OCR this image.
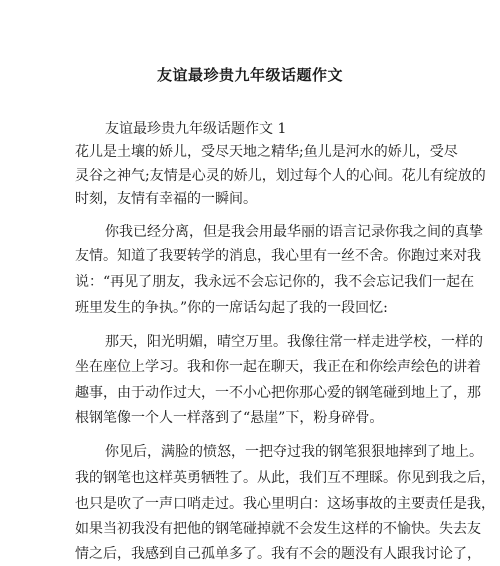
友谊最珍贵九年级话题作文
友谊最珍贵九年级话题作文 1
花儿是土壤的娇儿，受尽天地之精华;鱼儿是河水的娇儿，受尽
灵谷之神气;友情是心灵的娇儿，划过每个人的心间。花儿有绽放的
时刻，友情有幸福的一瞬间。
你我已经分离，但是我会用最华丽的语言记录你我之间的真挚
友情。知道了我要转学的消息，我心里有一丝不舍。你跑过来对我
说：“再见了朋友，我永远不会忘记你的，我不会忘记我们一起在
班里发生的争执。”你的一席话勾起了我的一段回忆:
那天，阳光明媚，晴空万里。我像往常一样走进学校，一样的
坐在座位上学习。我和你一起在聊天，我正在和你绘声绘色的讲着
趣事，由于动作过大，一不小心把你那心爱的钢笔碰到地上了，那
根钢笔像一个人一样落到了“悬崖”下，粉身碎骨。
你见后，满脸的愤怒，一把夺过我的钢笔狠狠地摔到了地上。
我的钢笔也这样英勇牺牲了。从此，我们互不理睬。你见到我之后，
也只是吹了一声口哨走过。我心里明白：这场事故的主要责任是我，
如果当初我没有把他的钢笔碰掉就不会发生这样的不愉快。失去友
情之后，我感到自己孤单多了。我有不会的题没有人跟我讨论了，
